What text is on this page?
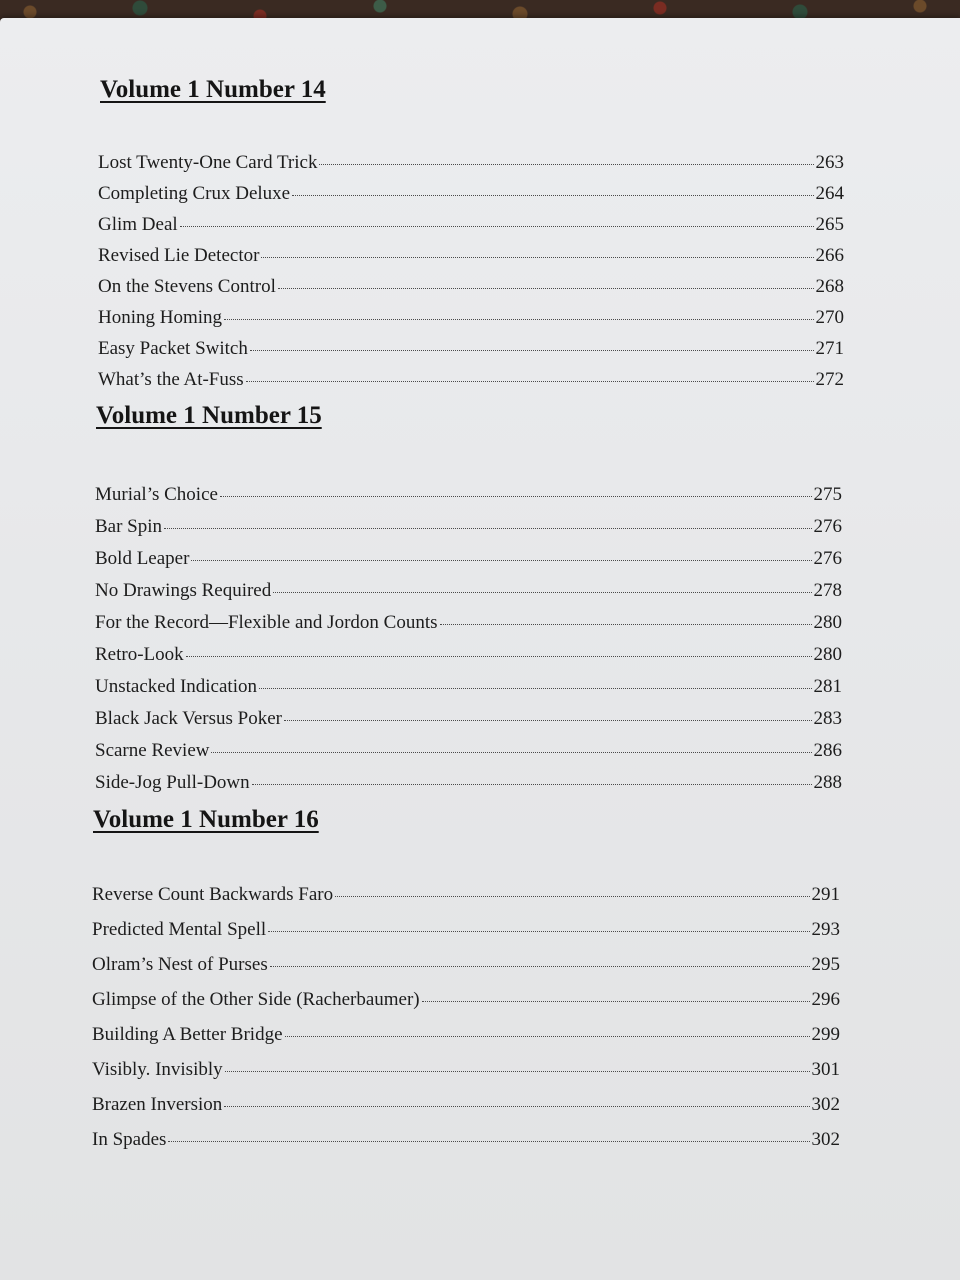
Volume 1 Number 14
Lost Twenty-One Card Trick	263
Completing Crux Deluxe	264
Glim Deal	265
Revised Lie Detector	266
On the Stevens Control	268
Honing Homing	270
Easy Packet Switch	271
What’s the At-Fuss	272
Volume 1 Number 15
Murial’s Choice	275
Bar Spin	276
Bold Leaper	276
No Drawings Required	278
For the Record—Flexible and Jordon Counts	280
Retro-Look	280
Unstacked Indication	281
Black Jack Versus Poker	283
Scarne Review	286
Side-Jog Pull-Down	288
Volume 1 Number 16
Reverse Count Backwards Faro	291
Predicted Mental Spell	293
Olram’s Nest of Purses	295
Glimpse of the Other Side (Racherbaumer)	296
Building A Better Bridge	299
Visibly. Invisibly	301
Brazen Inversion	302
In Spades	302
